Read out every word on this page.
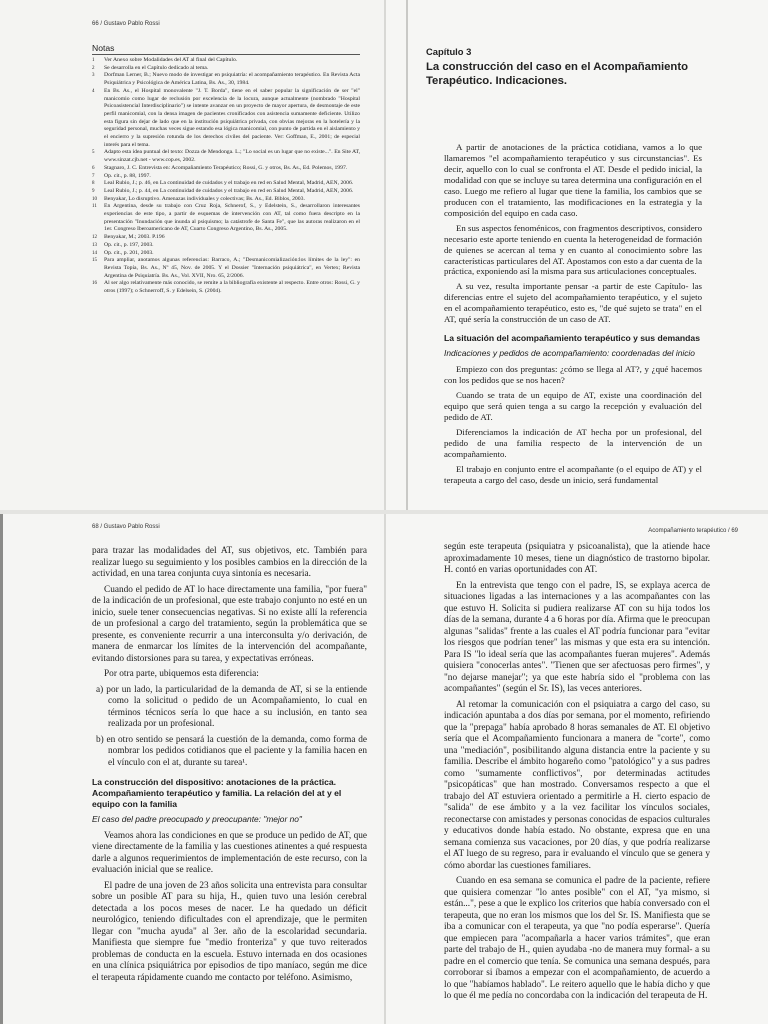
66 / Gustavo Pablo Rossi
Notas
1	Ver Anexo sobre Modalidades del AT al final del Capítulo.
2	Se desarrolla en el Capítulo dedicado al tema.
3	Dorfman Lerner, B.; Nuevo modo de investigar en psiquiatría: el acompañamiento terapéutico. En Revista Acta Psiquiátrica y Psicológica de América Latina, Bs. As., 30, 1984.
4	En Bs. As., el Hospital monovalente "J. T. Borda", tiene en el saber popular la significación de ser "el" manicomio como lugar de reclusión por excelencia de la locura, aunque actualmente (nombrado "Hospital Psicoasistencial Interdisciplinario") se intente avanzar en un proyecto de mayor apertura, de desmontaje de este perfil manicomial, con la densa imagen de pacientes cronificados con asistencia sumamente deficiente. Utilizo esta figura sin dejar de lado que en la institución psiquiátrica privada, con obvias mejoras en la hotelería y la seguridad personal, muchas veces sigue estando esa lógica manicomial, con punto de partida en el aislamiento y el encierro y la supresión rotunda de los derechos civiles del paciente. Ver: Goffman, E., 2001; de especial interés para el tema.
5	Adapto esta idea puntual del texto: Dozza de Mendonga. L.; "Lo social es un lugar que no existe...". En Site AT, www.sinzat.cjb.net - www.cop.es, 2002.
6	Stagnaro, J. C. Entrevista en: Acompañamiento Terapéutico; Rossi, G. y otros, Bs. As., Ed. Polemos, 1997.
7	Op. cit., p. 88, 1997.
8	Leal Rubio, J.; p. 46, en La continuidad de cuidados y el trabajo en red en Salud Mental, Madrid, AEN, 2006.
9	Leal Rubio, J.; p. 44, en La continuidad de cuidados y el trabajo en red en Salud Mental, Madrid, AEN, 2006.
10	Benyakar, Lo disruptivo. Amenazas individuales y colectivas; Bs. As., Ed. Biblos, 2003.
11	En Argentina, desde su trabajo con Cruz Roja, Schnerof, S., y Edelstein, S., desarrollaron interesantes experiencias de este tipo, a partir de esquemas de intervención con AT, tal como fuera descripto en la presentación "Inundación que inunda al psiquismo; la catástrofe de Santa Fe", que las autoras realizaron en el 1er. Congreso Iberoamericano de AT, Cuarto Congreso Argentino, Bs. As., 2005.
12	Benyakar, M.; 2003. P.196
13	Op. cit., p. 197, 2003.
14	Op. cit., p. 201, 2003.
15	Para ampliar, anotamos algunas referencias: Barraco, A.; "Desmanicomialización:los límites de la ley": en Revista Topía, Bs. As., Nº 45, Nov. de 2005. Y el Dossier "Internación psiquiátrica", en Vertex; Revista Argentina de Psiquiatría. Bs. As., Vol. XVII, Nro. 65, 2/2006.
16	Al ser algo relativamente más conocido, se remite a la bibliografía existente al respecto. Entre otros: Rossi, G. y otros (1997); o Schnerroff, S. y Edelsein, S. (2004).
Capítulo 3
La construcción del caso en el Acompañamiento Terapéutico. Indicaciones.

A partir de anotaciones de la práctica cotidiana, vamos a lo que llamaremos "el acompañamiento terapéutico y sus circunstancias". Es decir, aquello con lo cual se confronta el AT. Desde el pedido inicial, la modalidad con que se incluye su tarea determina una configuración en el caso. Luego me refiero al lugar que tiene la familia, los cambios que se producen con el tratamiento, las modificaciones en la estrategia y la composición del equipo en cada caso.

En sus aspectos fenoménicos, con fragmentos descriptivos, considero necesario este aporte teniendo en cuenta la heterogeneidad de formación de quienes se acercan al tema y en cuanto al conocimiento sobre las características particulares del AT. Apostamos con esto a dar cuenta de la práctica, exponiendo así la misma para sus articulaciones conceptuales.

A su vez, resulta importante pensar -a partir de este Capítulo- las diferencias entre el sujeto del acompañamiento terapéutico, y el sujeto en el acompañamiento terapéutico, esto es, "de qué sujeto se trata" en el AT, qué sería la construcción de un caso de AT.

La situación del acompañamiento terapéutico y sus demandas
Indicaciones y pedidos de acompañamiento: coordenadas del inicio

Empiezo con dos preguntas: ¿cómo se llega al AT?, y ¿qué hacemos con los pedidos que se nos hacen?

Cuando se trata de un equipo de AT, existe una coordinación del equipo que será quien tenga a su cargo la recepción y evaluación del pedido de AT.

Diferenciamos la indicación de AT hecha por un profesional, del pedido de una familia respecto de la intervención de un acompañamiento.

El trabajo en conjunto entre el acompañante (o el equipo de AT) y el terapeuta a cargo del caso, desde un inicio, será fundamental

68 / Gustavo Pablo Rossi

para trazar las modalidades del AT, sus objetivos, etc. También para realizar luego su seguimiento y los posibles cambios en la dirección de la actividad, en una tarea conjunta cuya sintonía es necesaria.

Cuando el pedido de AT lo hace directamente una familia, "por fuera" de la indicación de un profesional, que este trabajo conjunto no esté en un inicio, suele tener consecuencias negativas. Si no existe allí la referencia de un profesional a cargo del tratamiento, según la problemática que se presente, es conveniente recurrir a una interconsulta y/o derivación, de manera de enmarcar los límites de la intervención del acompañante, evitando distorsiones para su tarea, y expectativas erróneas.

Por otra parte, ubiquemos esta diferencia:

a) por un lado, la particularidad de la demanda de AT, si se la entiende como la solicitud o pedido de un Acompañamiento, lo cual en términos técnicos sería lo que hace a su inclusión, en tanto sea realizada por un profesional.

b) en otro sentido se pensará la cuestión de la demanda, como forma de nombrar los pedidos cotidianos que el paciente y la familia hacen en el vínculo con el at, durante su tarea¹.

La construcción del dispositivo: anotaciones de la práctica. Acompañamiento terapéutico y familia. La relación del at y el equipo con la familia
El caso del padre preocupado y preocupante: "mejor no"

Veamos ahora las condiciones en que se produce un pedido de AT, que viene directamente de la familia y las cuestiones atinentes a qué respuesta darle a algunos requerimientos de implementación de este recurso, con la evaluación inicial que se realice.

El padre de una joven de 23 años solicita una entrevista para consultar sobre un posible AT para su hija, H., quien tuvo una lesión cerebral detectada a los pocos meses de nacer. Le ha quedado un déficit neurológico, teniendo dificultades con el aprendizaje, que le permiten llegar con "mucha ayuda" al 3er. año de la escolaridad secundaria. Manifiesta que siempre fue "medio fronteriza" y que tuvo reiterados problemas de conducta en la escuela. Estuvo internada en dos ocasiones en una clínica psiquiátrica por episodios de tipo maníaco, según me dice el terapeuta rápidamente cuando me contacto por teléfono. Asimismo,

Acompañamiento terapéutico / 69

según este terapeuta (psiquiatra y psicoanalista), que la atiende hace aproximadamente 10 meses, tiene un diagnóstico de trastorno bipolar. H. contó en varias oportunidades con AT.

En la entrevista que tengo con el padre, IS, se explaya acerca de situaciones ligadas a las internaciones y a las acompañantes con las que estuvo H. Solicita si pudiera realizarse AT con su hija todos los días de la semana, durante 4 a 6 horas por día. Afirma que le preocupan algunas "salidas" frente a las cuales el AT podría funcionar para "evitar los riesgos que podrían tener" las mismas y que esta era su intención. Para IS "lo ideal sería que las acompañantes fueran mujeres". Además quisiera "conocerlas antes". "Tienen que ser afectuosas pero firmes", y "no dejarse manejar"; ya que este habría sido el "problema con las acompañantes" (según el Sr. IS), las veces anteriores.

Al retomar la comunicación con el psiquiatra a cargo del caso, su indicación apuntaba a dos días por semana, por el momento, refiriendo que la "prepaga" había aprobado 8 horas semanales de AT. El objetivo sería que el Acompañamiento funcionara a manera de "corte", como una "mediación", posibilitando alguna distancia entre la paciente y su familia. Describe el ámbito hogareño como "patológico" y a sus padres como "sumamente conflictivos", por determinadas actitudes "psicopáticas" que han mostrado. Conversamos respecto a que el trabajo del AT estuviera orientado a permitirle a H. cierto espacio de "salida" de ese ámbito y a la vez facilitar los vínculos sociales, reconectarse con amistades y personas conocidas de espacios culturales y educativos donde había estado. No obstante, expresa que en una semana comienza sus vacaciones, por 20 días, y que podría realizarse el AT luego de su regreso, para ir evaluando el vínculo que se genera y cómo abordar las cuestiones familiares.

Cuando en esa semana se comunica el padre de la paciente, refiere que quisiera comenzar "lo antes posible" con el AT, "ya mismo, si están...", pese a que le explico los criterios que había conversado con el terapeuta, que no eran los mismos que los del Sr. IS. Manifiesta que se iba a comunicar con el terapeuta, ya que "no podía esperarse". Quería que empiecen para "acompañarla a hacer varios trámites", que eran parte del trabajo de H., quien ayudaba -no de manera muy formal- a su padre en el comercio que tenía. Se comunica una semana después, para corroborar si íbamos a empezar con el acompañamiento, de acuerdo a lo que "habíamos hablado". Le reitero aquello que le había dicho y que lo que él me pedía no concordaba con la indicación del terapeuta de H.
